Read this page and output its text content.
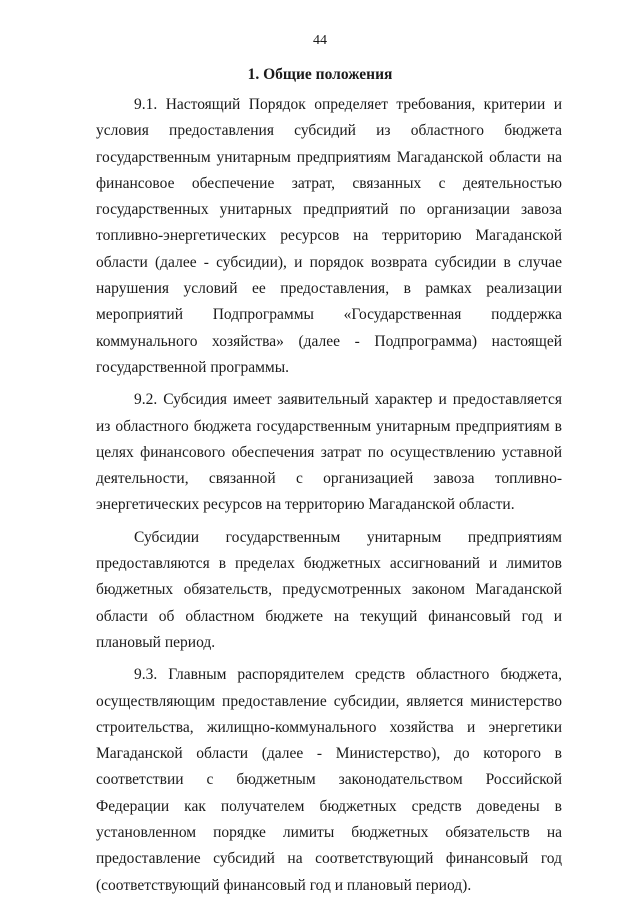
44
1. Общие положения

9.1. Настоящий Порядок определяет требования, критерии и условия предоставления субсидий из областного бюджета государственным унитарным предприятиям Магаданской области на финансовое обеспечение затрат, связанных с деятельностью государственных унитарных предприятий по организации завоза топливно-энергетических ресурсов на территорию Магаданской области (далее - субсидии), и порядок возврата субсидии в случае нарушения условий ее предоставления, в рамках реализации мероприятий Подпрограммы «Государственная поддержка коммунального хозяйства» (далее - Подпрограмма) настоящей государственной программы.

9.2. Субсидия имеет заявительный характер и предоставляется из областного бюджета государственным унитарным предприятиям в целях финансового обеспечения затрат по осуществлению уставной деятельности, связанной с организацией завоза топливно-энергетических ресурсов на территорию Магаданской области.

Субсидии государственным унитарным предприятиям предоставляются в пределах бюджетных ассигнований и лимитов бюджетных обязательств, предусмотренных законом Магаданской области об областном бюджете на текущий финансовый год и плановый период.

9.3. Главным распорядителем средств областного бюджета, осуществляющим предоставление субсидии, является министерство строительства, жилищно-коммунального хозяйства и энергетики Магаданской области (далее - Министерство), до которого в соответствии с бюджетным законодательством Российской Федерации как получателем бюджетных средств доведены в установленном порядке лимиты бюджетных обязательств на предоставление субсидий на соответствующий финансовый год (соответствующий финансовый год и плановый период).
